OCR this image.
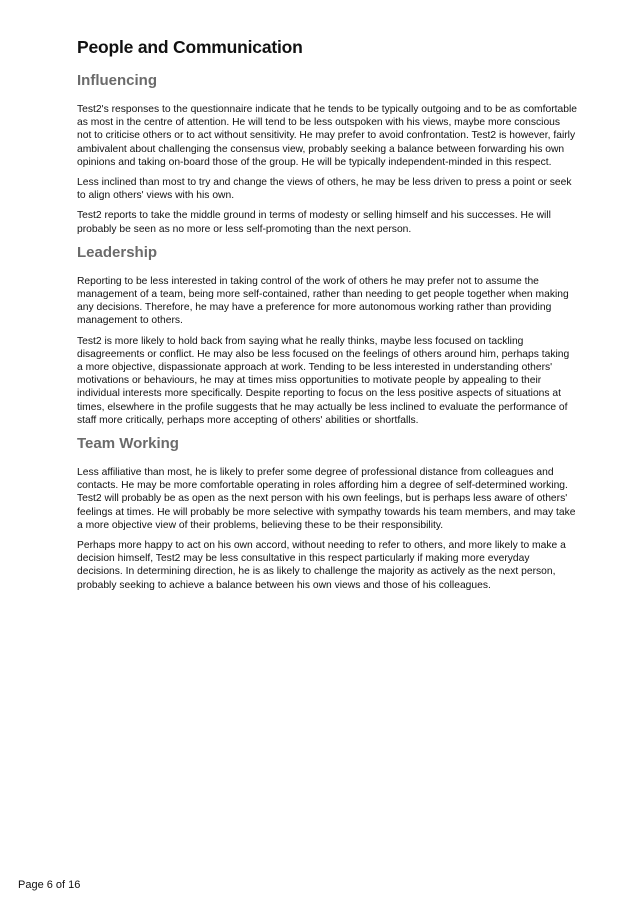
People and Communication
Influencing

Test2's responses to the questionnaire indicate that he tends to be typically outgoing and to be as comfortable as most in the centre of attention. He will tend to be less outspoken with his views, maybe more conscious not to criticise others or to act without sensitivity. He may prefer to avoid confrontation. Test2 is however, fairly ambivalent about challenging the consensus view, probably seeking a balance between forwarding his own opinions and taking on-board those of the group. He will be typically independent-minded in this respect.

Less inclined than most to try and change the views of others, he may be less driven to press a point or seek to align others' views with his own.

Test2 reports to take the middle ground in terms of modesty or selling himself and his successes. He will probably be seen as no more or less self-promoting than the next person.

Leadership

Reporting to be less interested in taking control of the work of others he may prefer not to assume the management of a team, being more self-contained, rather than needing to get people together when making any decisions. Therefore, he may have a preference for more autonomous working rather than providing management to others.

Test2 is more likely to hold back from saying what he really thinks, maybe less focused on tackling disagreements or conflict. He may also be less focused on the feelings of others around him, perhaps taking a more objective, dispassionate approach at work. Tending to be less interested in understanding others' motivations or behaviours, he may at times miss opportunities to motivate people by appealing to their individual interests more specifically. Despite reporting to focus on the less positive aspects of situations at times, elsewhere in the profile suggests that he may actually be less inclined to evaluate the performance of staff more critically, perhaps more accepting of others' abilities or shortfalls.

Team Working

Less affiliative than most, he is likely to prefer some degree of professional distance from colleagues and contacts. He may be more comfortable operating in roles affording him a degree of self-determined working. Test2 will probably be as open as the next person with his own feelings, but is perhaps less aware of others' feelings at times. He will probably be more selective with sympathy towards his team members, and may take a more objective view of their problems, believing these to be their responsibility.

Perhaps more happy to act on his own accord, without needing to refer to others, and more likely to make a decision himself, Test2 may be less consultative in this respect particularly if making more everyday decisions. In determining direction, he is as likely to challenge the majority as actively as the next person, probably seeking to achieve a balance between his own views and those of his colleagues.

Page 6 of 16
